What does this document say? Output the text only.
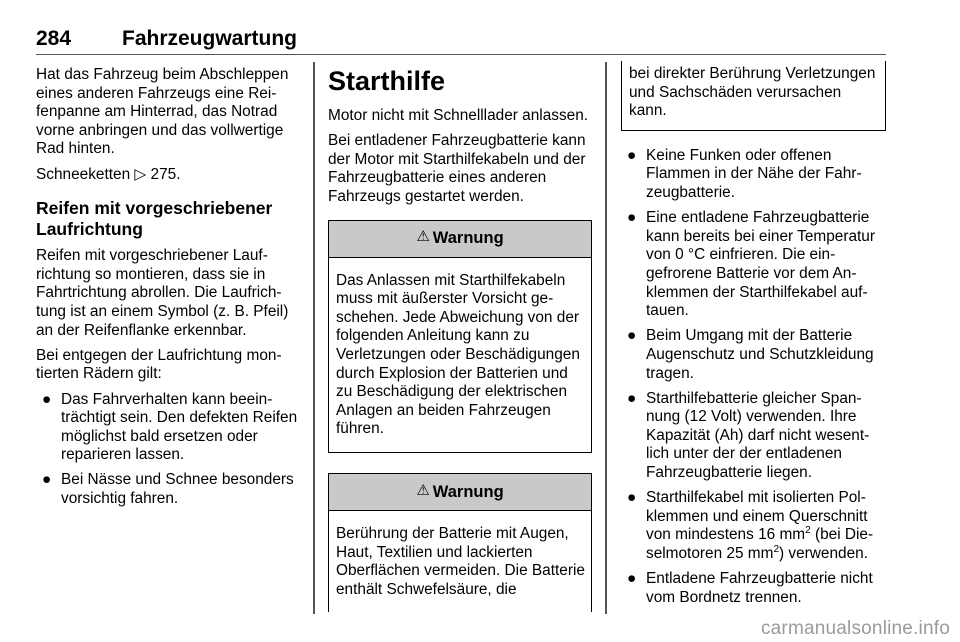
284 Fahrzeugwartung

Hat das Fahrzeug beim Abschleppen eines anderen Fahrzeugs eine Reifenpanne am Hinterrad, das Notrad vorne anbringen und das vollwertige Rad hinten.

Schneeketten ▷ 275.

Reifen mit vorgeschriebener Laufrichtung

Reifen mit vorgeschriebener Laufrichtung so montieren, dass sie in Fahrtrichtung abrollen. Die Laufrichtung ist an einem Symbol (z. B. Pfeil) an der Reifenflanke erkennbar.

Bei entgegen der Laufrichtung montierten Rädern gilt:

● Das Fahrverhalten kann beeinträchtigt sein. Den defekten Reifen möglichst bald ersetzen oder reparieren lassen.
● Bei Nässe und Schnee besonders vorsichtig fahren.
Starthilfe

Motor nicht mit Schnelllader anlassen.

Bei entladener Fahrzeugbatterie kann der Motor mit Starthilfekabeln und der Fahrzeugbatterie eines anderen Fahrzeugs gestartet werden.

⚠ Warnung
Das Anlassen mit Starthilfekabeln muss mit äußerster Vorsicht geschehen. Jede Abweichung von der folgenden Anleitung kann zu Verletzungen oder Beschädigungen durch Explosion der Batterien und zu Beschädigung der elektrischen Anlagen an beiden Fahrzeugen führen.
⚠ Warnung
Berührung der Batterie mit Augen, Haut, Textilien und lackierten Oberflächen vermeiden. Die Batterie enthält Schwefelsäure, die
bei direkter Berührung Verletzungen und Sachschäden verursachen kann.
● Keine Funken oder offenen Flammen in der Nähe der Fahrzeugbatterie.
● Eine entladene Fahrzeugbatterie kann bereits bei einer Temperatur von 0 °C einfrieren. Die eingefrorene Batterie vor dem Anklemmen der Starthilfekabel auftauen.
● Beim Umgang mit der Batterie Augenschutz und Schutzkleidung tragen.
● Starthilfebatterie gleicher Spannung (12 Volt) verwenden. Ihre Kapazität (Ah) darf nicht wesentlich unter der der entladenen Fahrzeugbatterie liegen.
● Starthilfekabel mit isolierten Polklemmen und einem Querschnitt von mindestens 16 $mm^2$ (bei Dieselmotoren 25 $mm^2$) verwenden.
● Entladene Fahrzeugbatterie nicht vom Bordnetz trennen.
carmanualsonline.info
